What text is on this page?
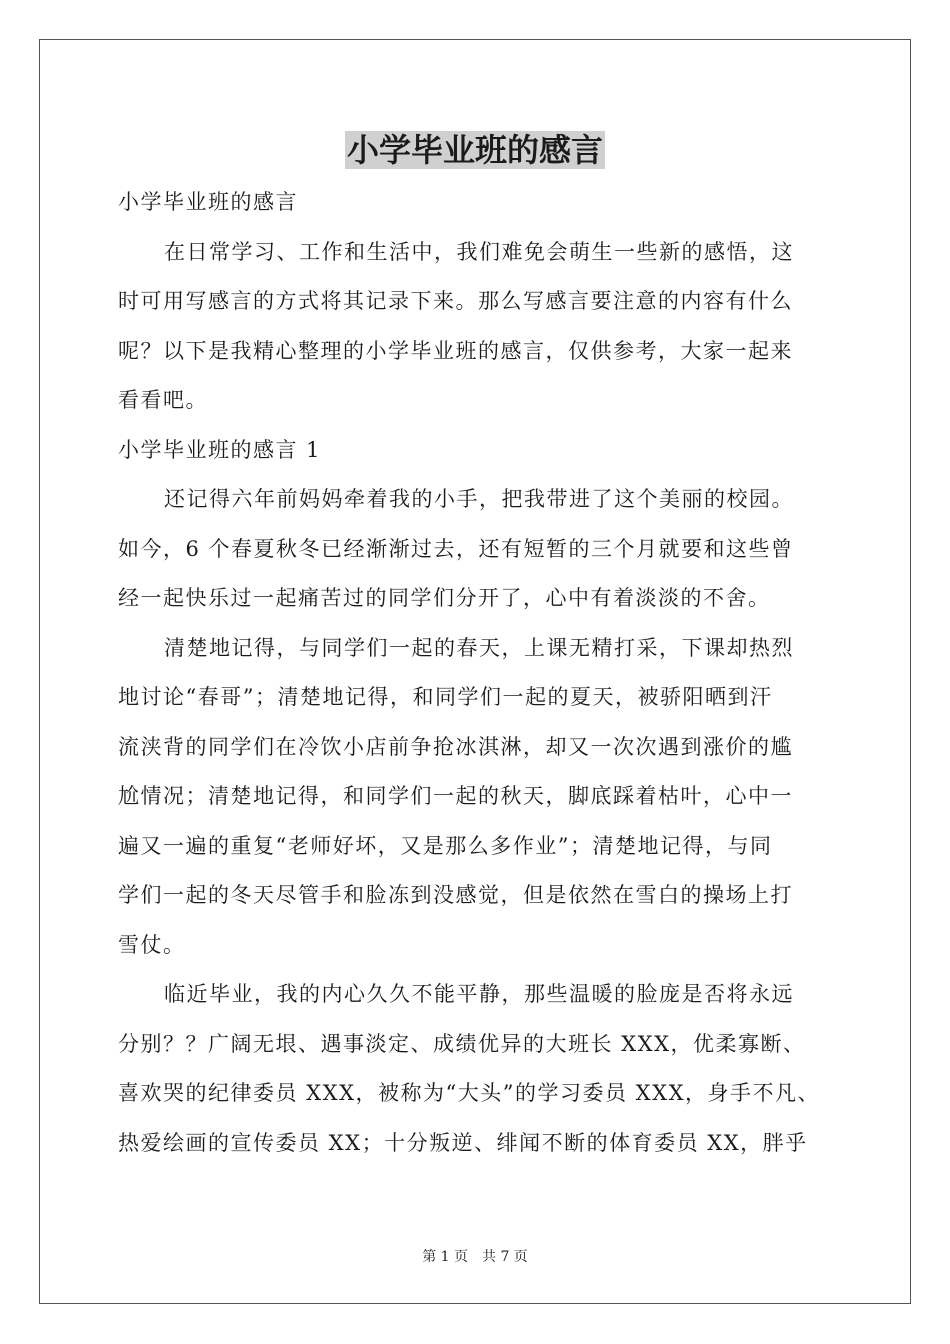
小学毕业班的感言
小学毕业班的感言
在日常学习、工作和生活中，我们难免会萌生一些新的感悟，这
时可用写感言的方式将其记录下来。那么写感言要注意的内容有什么
呢？以下是我精心整理的小学毕业班的感言，仅供参考，大家一起来
看看吧。
小学毕业班的感言 1
还记得六年前妈妈牵着我的小手，把我带进了这个美丽的校园。
如今，6 个春夏秋冬已经渐渐过去，还有短暂的三个月就要和这些曾
经一起快乐过一起痛苦过的同学们分开了，心中有着淡淡的不舍。
清楚地记得，与同学们一起的春天，上课无精打采，下课却热烈
地讨论“春哥”；清楚地记得，和同学们一起的夏天，被骄阳晒到汗
流浃背的同学们在冷饮小店前争抢冰淇淋，却又一次次遇到涨价的尴
尬情况；清楚地记得，和同学们一起的秋天，脚底踩着枯叶，心中一
遍又一遍的重复“老师好坏，又是那么多作业”；清楚地记得，与同
学们一起的冬天尽管手和脸冻到没感觉，但是依然在雪白的操场上打
雪仗。
临近毕业，我的内心久久不能平静，那些温暖的脸庞是否将永远
分别？？广阔无垠、遇事淡定、成绩优异的大班长 XXX，优柔寡断、
喜欢哭的纪律委员 XXX，被称为“大头”的学习委员 XXX，身手不凡、
热爱绘画的宣传委员 XX；十分叛逆、绯闻不断的体育委员 XX，胖乎
第 1 页 共 7 页
